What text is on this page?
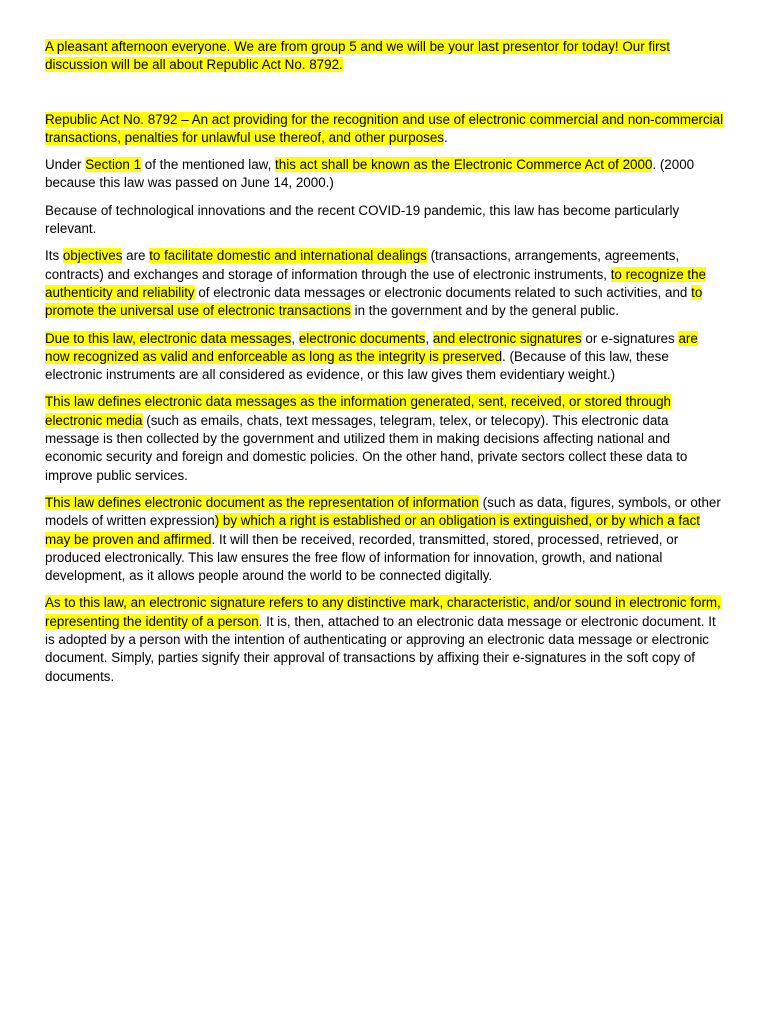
A pleasant afternoon everyone. We are from group 5 and we will be your last presentor for today! Our first discussion will be all about Republic Act No. 8792.

Republic Act No. 8792 – An act providing for the recognition and use of electronic commercial and non-commercial transactions, penalties for unlawful use thereof, and other purposes.

Under Section 1 of the mentioned law, this act shall be known as the Electronic Commerce Act of 2000. (2000 because this law was passed on June 14, 2000.)

Because of technological innovations and the recent COVID-19 pandemic, this law has become particularly relevant.

Its objectives are to facilitate domestic and international dealings (transactions, arrangements, agreements, contracts) and exchanges and storage of information through the use of electronic instruments, to recognize the authenticity and reliability of electronic data messages or electronic documents related to such activities, and to promote the universal use of electronic transactions in the government and by the general public.

Due to this law, electronic data messages, electronic documents, and electronic signatures or e-signatures are now recognized as valid and enforceable as long as the integrity is preserved. (Because of this law, these electronic instruments are all considered as evidence, or this law gives them evidentiary weight.)

This law defines electronic data messages as the information generated, sent, received, or stored through electronic media (such as emails, chats, text messages, telegram, telex, or telecopy). This electronic data message is then collected by the government and utilized them in making decisions affecting national and economic security and foreign and domestic policies. On the other hand, private sectors collect these data to improve public services.

This law defines electronic document as the representation of information (such as data, figures, symbols, or other models of written expression) by which a right is established or an obligation is extinguished, or by which a fact may be proven and affirmed. It will then be received, recorded, transmitted, stored, processed, retrieved, or produced electronically. This law ensures the free flow of information for innovation, growth, and national development, as it allows people around the world to be connected digitally.

As to this law, an electronic signature refers to any distinctive mark, characteristic, and/or sound in electronic form, representing the identity of a person. It is, then, attached to an electronic data message or electronic document. It is adopted by a person with the intention of authenticating or approving an electronic data message or electronic document. Simply, parties signify their approval of transactions by affixing their e-signatures in the soft copy of documents.
